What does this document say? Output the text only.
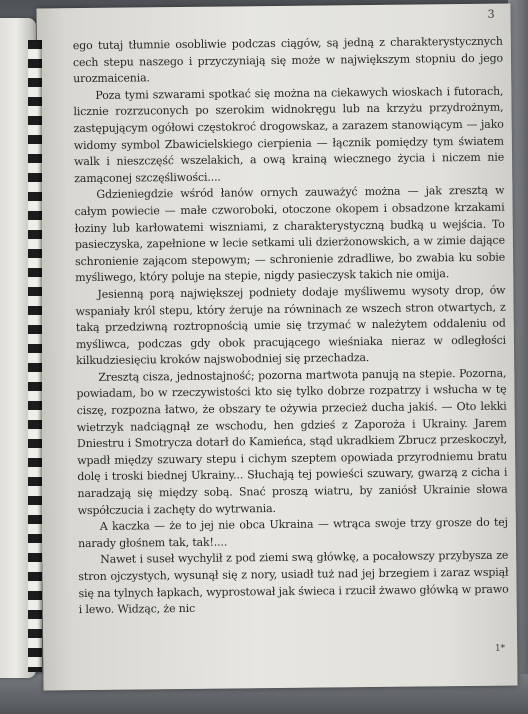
3

ego tutaj tłumnie osobliwie podczas ciągów, są jedną z charakterystycznych cech stepu naszego i przyczyniają się może w największym stopniu do jego urozmaicenia.

Poza tymi szwarami spotkać się można na ciekawych wioskach i futorach, licznie rozrzuconych po szerokim widnokręgu lub na krzyżu przydrożnym, zastępującym ogółowi częstokroć drogowskaz, a zarazem stanowiącym — jako widomy symbol Zbawicielskiego cierpienia — łącznik pomiędzy tym światem walk i nieszczęść wszelakich, a ową krainą wiecznego życia i niczem nie zamąconej szczęśliwości....

Gdzieniegdzie wśród łanów ornych zauważyć można — jak zresztą w całym powiecie — małe czworoboki, otoczone okopem i obsadzone krzakami łoziny lub karłowatemi wiszniami, z charakterystyczną budką u wejścia. To pasieczyska, zapełnione w lecie setkami uli dzierżonowskich, a w zimie dające schronienie zającom stepowym; — schronienie zdradliwe, bo zwabia ku sobie myśliwego, który poluje na stepie, nigdy pasieczysk takich nie omija.

Jesienną porą największej podniety dodaje myśliwemu wysoty drop, ów wspaniały król stepu, który żeruje na równinach ze wszech stron otwartych, z taką przedziwną roztropnością umie się trzymać w należytem oddaleniu od myśliwca, podczas gdy obok pracującego wieśniaka nieraz w odległości kilkudziesięciu kroków najswobodniej się przechadza.

Zresztą cisza, jednostajność; pozorna martwota panują na stepie. Pozorna, powiadam, bo w rzeczywistości kto się tylko dobrze rozpatrzy i wsłucha w tę ciszę, rozpozna łatwo, że obszary te ożywia przecież ducha jakiś. — Oto lekki wietrzyk nadciągnął ze wschodu, hen gdzieś z Zaporoża i Ukrainy. Jarem Dniestru i Smotrycza dotarł do Kamieńca, stąd ukradkiem Zbrucz przeskoczył, wpadł między szuwary stepu i cichym szeptem opowiada przyrodniemu bratu dolę i troski biednej Ukrainy... Słuchają tej powieści szuwary, gwarzą z cicha i naradzają się między sobą. Snać proszą wiatru, by zaniósł Ukrainie słowa współczucia i zachęty do wytrwania.

A kaczka — że to jej nie obca Ukraina — wtrąca swoje trzy grosze do tej narady głośnem tak, tak!....

Nawet i suseł wychylił z pod ziemi swą główkę, a pocałowszy przybysza ze stron ojczystych, wysunął się z nory, usiadł tuż nad jej brzegiem i zaraz wspiął się na tylnych łapkach, wyprostował jak świeca i rzucił żwawo główką w prawo i lewo. Widząc, że nic

1*
